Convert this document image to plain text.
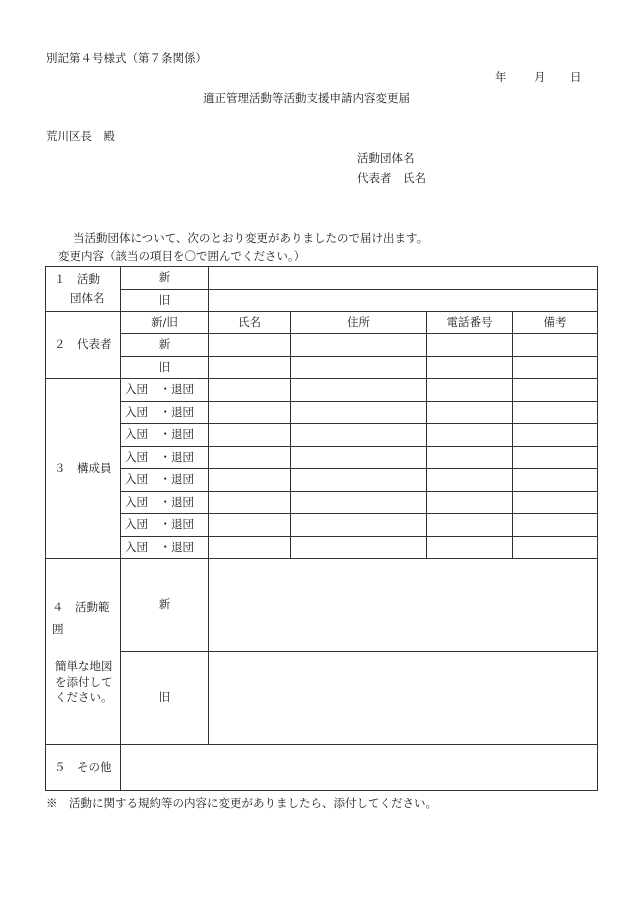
別記第４号様式（第７条関係）
年 月 日
適正管理活動等活動支援申請内容変更届
荒川区長　殿
活動団体名
代表者　氏名
当活動団体について、次のとおり変更がありましたので届け出ます。
変更内容（該当の項目を〇で囲んでください。）
１　活動
団体名	新				
	旧				
２　代表者	新/旧	氏名	住所	電話番号	備考
	新				
	旧				
３　構成員	入団　・退団				
	入団　・退団				
	入団　・退団				
	入団　・退団				
	入団　・退団				
	入団　・退団				
	入団　・退団				
	入団　・退団				

４　活動範囲
簡単な地図を添付してください。	新				
	旧				
５　その他					
※　活動に関する規約等の内容に変更がありましたら、添付してください。
